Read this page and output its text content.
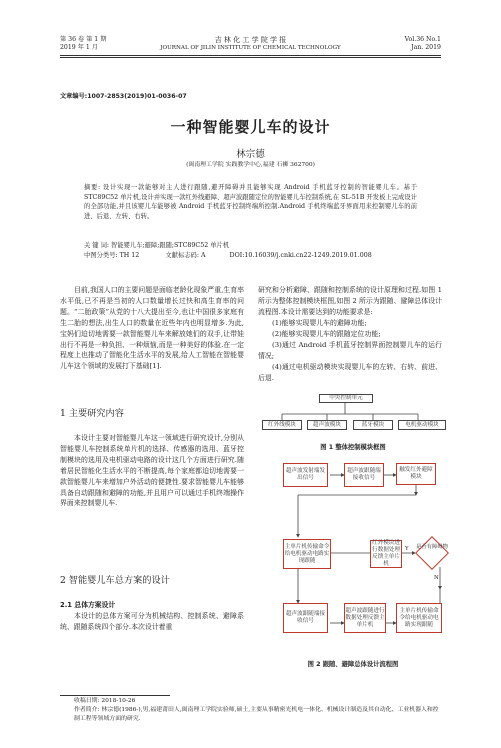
第 36 卷 第 1 期
2019 年 1 月
吉 林 化 工 学 院 学 报
JOURNAL OF JILIN INSTITUTE OF CHEMICAL TECHNOLOGY
Vol.36 No.1
Jan. 2019
文章编号:1007-2853(2019)01-0036-07
一种智能婴儿车的设计
林宗德
(闽南理工学院 实践教学中心,福建 石狮 362700)
摘要: 设计实现一款能够对主人进行跟随,避开障碍并且能够实现 Android 手机蓝牙控制的智能婴儿车。基于 STC89C52 单片机,设计并实现一款红外线避障、超声波跟随定位的智能婴儿车控制系统,在 SL-51B 开发板上完成设计的全部功能,并且该婴儿车能够被 Android 手机蓝牙控制终端所控制.Android 手机终端蓝牙界面用来控制婴儿车的前进、后退、左转、右转。
关 键 词: 智能婴儿车;避障;跟随;STC89C52 单片机
中图分类号: TH 12	文献标志码: A	DOI:10.16039/j.cnki.cn22-1249.2019.01.008
目前,我国人口的主要问题是面临老龄化现象严重,生育率水平低,已不再是当初的人口数量增长过快和高生育率的问题。“二胎政策”从党的十八大提出至今,也让中国很多家庭有生二胎的想法,出生人口的数量在近些年内也明显增多.为此,宝妈们迫切地需要一款智能婴儿车来解放她们的双手,让带娃出行不再是一种负担、一种烦恼,而是一种美好的体验.在一定程度上也推动了智能化生活水平的发展,给人工智能在智能婴儿车这个领域的发展打下基础[1].
1 主要研究内容
本设计主要对智能婴儿车这一领域进行研究设计,分别从智能婴儿车控制系统单片机的选择、传感器的选用、蓝牙控制模块的选用及电机驱动电路的设计这几个方面进行研究.随着居民智能化生活水平的不断提高,每个家庭都迫切地需要一款智能婴儿车来增加户外活动的便捷性.要求智能婴儿车能够具备自动跟随和避障的功能,并且用户可以通过手机终端操作界面来控制婴儿车.
2 智能婴儿车总方案的设计
2.1 总体方案设计
本设计的总体方案可分为机械结构、控制系统、避障系统、跟随系统四个部分.本次设计着重
研究和分析避障、跟随和控制系统的设计原理和过程.如图 1 所示为整体控制模块框图,如图 2 所示为跟随、避障总体设计流程图.本设计需要达到的功能要求是:
(1)能够实现婴儿车的避障功能;
(2)能够实现婴儿车的跟随定位功能;
(3)通过 Android 手机蓝牙控制界面控制婴儿车的运行情况;
(4)通过电机驱动模块实现婴儿车的左转、右转、前进、后退.
中央控制单元
红外线模块	超声波模块	蓝牙模块	电机驱动模块
图 1 整体控制模块框图
超声波发射端发出信号
超声波跟随端接收信号
触发红外避障模块
主单片机传输命令给电机驱动电路实现跟随
红外模块进行数据处理反馈主单片机
是否有障碍物
Y
N
超声波跟随端接收信号
超声波跟随进行数据处理反馈主单片机
主单片机传输命令给电机驱动电路实现跟随
图 2 跟随、避障总体设计流程图
收稿日期: 2018-10-26
作者简介: 林宗德(1986-),男,福建莆田人,闽南理工学院实验师,硕士,主要从事精密光机电一体化、机械设计制造及其自动化、工业机器人和控制工程等领域方面的研究.
